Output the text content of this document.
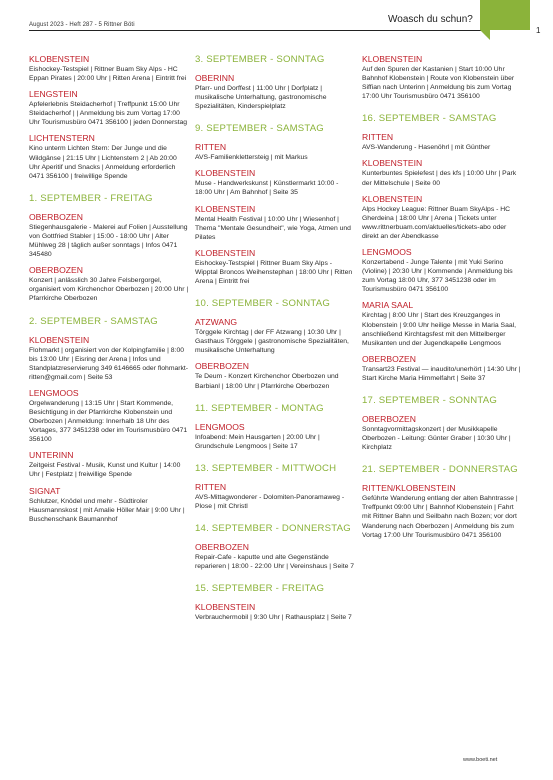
August 2023 - Heft 287 - 5 Rittner Böti	Woasch du schun?
1
KLOBENSTEIN
Eishockey-Testspiel | Rittner Buam Sky Alps - HC Eppan Pirates | 20:00 Uhr | Ritten Arena | Eintritt frei
LENGSTEIN
Apfelerlebnis Steidacherhof | Treffpunkt 15:00 Uhr Steidacherhof | | Anmeldung bis zum Vortag 17:00 Uhr Tourismusbüro 0471 356100 | jeden Donnerstag
LICHTENSTERN
Kino unterm Lichten Stern: Der Junge und die Wildgänse | 21:15 Uhr | Lichtenstern 2 | Ab 20:00 Uhr Aperitif und Snacks | Anmeldung erforderlich 0471 356100 | freiwillige Spende
1. SEPTEMBER - FREITAG
OBERBOZEN
Stiegenhausgalerie - Malerei auf Folien | Ausstellung von Gottfried Stabler | 15:00 - 18:00 Uhr | Alter Mühlweg 28 | täglich außer sonntags | Infos 0471 345480
OBERBOZEN
Konzert | anlässlich 30 Jahre Felsbergorgel, organisiert vom Kirchenchor Oberbozen | 20:00 Uhr | Pfarrkirche Oberbozen
2. SEPTEMBER - SAMSTAG
KLOBENSTEIN
Flohmarkt | organisiert von der Kolpingfamilie | 8:00 bis 13:00 Uhr | Eisring der Arena | Infos und Standplatzreservierung 349 6146665 oder flohmarkt-ritten@gmail.com | Seite 53
LENGMOOS
Orgelwanderung | 13:15 Uhr | Start Kommende, Besichtigung in der Pfarrkirche Klobenstein und Oberbozen | Anmeldung: Innerhalb 18 Uhr des Vortages, 377 3451238 oder im Tourismusbüro 0471 356100
UNTERINN
Zeitgeist Festival - Musik, Kunst und Kultur | 14:00 Uhr | Festplatz | freiwillige Spende
SIGNAT
Schlutzer, Knödel und mehr - Südtiroler Hausmannskost | mit Amalie Höller Mair | 9:00 Uhr | Buschenschank Baumannhof
3. SEPTEMBER - SONNTAG
OBERINN
Pfarr- und Dorffest | 11:00 Uhr | Dorfplatz | musikalische Unterhaltung, gastronomische Spezialitäten, Kinderspielplatz
9. SEPTEMBER - SAMSTAG
RITTEN
AVS-Familienklettersteig | mit Markus
KLOBENSTEIN
Muse - Handwerkskunst | Künstlermarkt 10:00 - 18:00 Uhr | Am Bahnhof | Seite 35
KLOBENSTEIN
Mental Health Festival | 10:00 Uhr | Wiesenhof | Thema "Mentale Gesundheit", wie Yoga, Atmen und Pilates
KLOBENSTEIN
Eishockey-Testspiel | Rittner Buam Sky Alps - Wipptal Broncos Weihenstephan | 18:00 Uhr | Ritten Arena | Eintritt frei
10. SEPTEMBER - SONNTAG
ATZWANG
Törggele Kirchtag | der FF Atzwang | 10:30 Uhr | Gasthaus Törggele | gastronomische Spezialitäten, musikalische Unterhaltung
OBERBOZEN
Te Deum - Konzert Kirchenchor Oberbozen und Barbianl | 18:00 Uhr | Pfarrkirche Oberbozen
11. SEPTEMBER - MONTAG
LENGMOOS
Infoabend: Mein Hausgarten | 20:00 Uhr | Grundschule Lengmoos | Seite 17
13. SEPTEMBER - MITTWOCH
RITTEN
AVS-Mittagwonderer - Dolomiten-Panoramaweg - Plose | mit Christl
14. SEPTEMBER - DONNERSTAG
OBERBOZEN
Repair-Cafe - kaputte und alte Gegenstände reparieren | 18:00 - 22:00 Uhr | Vereinshaus | Seite 7
15. SEPTEMBER - FREITAG
KLOBENSTEIN
Verbrauchermobil | 9:30 Uhr | Rathausplatz | Seite 7
KLOBENSTEIN
Auf den Spuren der Kastanien | Start 10:00 Uhr Bahnhof Klobenstein | Route von Klobenstein über Siffian nach Unterinn | Anmeldung bis zum Vortag 17:00 Uhr Tourismusbüro 0471 356100
16. SEPTEMBER - SAMSTAG
RITTEN
AVS-Wanderung - Hasenöhrl | mit Günther
KLOBENSTEIN
Kunterbuntes Spielefest | des kfs | 10:00 Uhr | Park der Mittelschule | Seite 00
KLOBENSTEIN
Alps Hockey League: Rittner Buam SkyAlps - HC Gherdeina | 18:00 Uhr | Arena | Tickets unter www.rittnerbuam.com/aktuelles/tickets-abo oder direkt an der Abendkasse
LENGMOOS
Konzertabend - Junge Talente | mit Yuki Serino (Violine) | 20:30 Uhr | Kommende | Anmeldung bis zum Vortag 18:00 Uhr, 377 3451238 oder im Tourismusbüro 0471 356100
MARIA SAAL
Kirchtag | 8:00 Uhr | Start des Kreuzganges in Klobenstein | 9:00 Uhr heilige Messe in Maria Saal, anschließend Kirchtagsfest mit den Mittelberger Musikanten und der Jugendkapelle Lengmoos
OBERBOZEN
Transart23 Festival — inaudito/unerhört | 14:30 Uhr | Start Kirche Maria Himmelfahrt | Seite 37
17. SEPTEMBER - SONNTAG
OBERBOZEN
Sonntagvormittagskonzert | der Musikkapelle Oberbozen - Leitung: Günter Graber | 10:30 Uhr | Kirchplatz
21. SEPTEMBER - DONNERSTAG
RITTEN/KLOBENSTEIN
Geführte Wanderung entlang der alten Bahntrasse | Treffpunkt 09:00 Uhr | Bahnhof Klobenstein | Fahrt mit Rittner Bahn und Seilbahn nach Bozen; vor dort Wanderung nach Oberbozen | Anmeldung bis zum Vortag 17:00 Uhr Tourismusbüro 0471 356100
www.boeti.net
